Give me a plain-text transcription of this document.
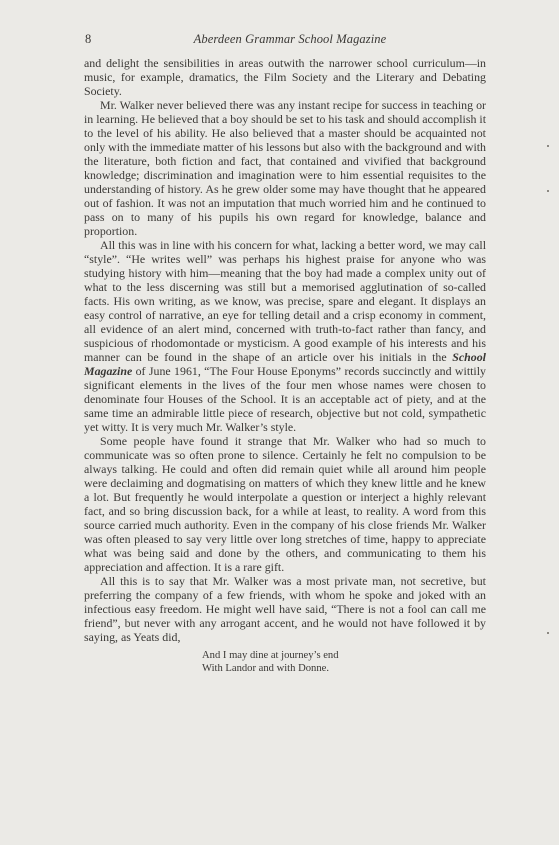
8	Aberdeen Grammar School Magazine

and delight the sensibilities in areas outwith the narrower school curriculum—in music, for example, dramatics, the Film Society and the Literary and Debating Society.

Mr. Walker never believed there was any instant recipe for success in teaching or in learning. He believed that a boy should be set to his task and should accomplish it to the level of his ability. He also believed that a master should be acquainted not only with the immediate matter of his lessons but also with the background and with the literature, both fiction and fact, that contained and vivified that background knowledge; discrimination and imagination were to him essential requisites to the understanding of history. As he grew older some may have thought that he appeared out of fashion. It was not an imputation that much worried him and he continued to pass on to many of his pupils his own regard for knowledge, balance and proportion.

All this was in line with his concern for what, lacking a better word, we may call “style”. “He writes well” was perhaps his highest praise for anyone who was studying history with him—meaning that the boy had made a complex unity out of what to the less discerning was still but a memorised agglutination of so-called facts. His own writing, as we know, was precise, spare and elegant. It displays an easy control of narrative, an eye for telling detail and a crisp economy in comment, all evidence of an alert mind, concerned with truth-to-fact rather than fancy, and suspicious of rhodomontade or mysticism. A good example of his interests and his manner can be found in the shape of an article over his initials in the School Magazine of June 1961, “The Four House Eponyms” records succinctly and wittily significant elements in the lives of the four men whose names were chosen to denominate four Houses of the School. It is an acceptable act of piety, and at the same time an admirable little piece of research, objective but not cold, sympathetic yet witty. It is very much Mr. Walker’s style.

Some people have found it strange that Mr. Walker who had so much to communicate was so often prone to silence. Certainly he felt no compulsion to be always talking. He could and often did remain quiet while all around him people were declaiming and dogmatising on matters of which they knew little and he knew a lot. But frequently he would interpolate a question or interject a highly relevant fact, and so bring discussion back, for a while at least, to reality. A word from this source carried much authority. Even in the company of his close friends Mr. Walker was often pleased to say very little over long stretches of time, happy to appreciate what was being said and done by the others, and communicating to them his appreciation and affection. It is a rare gift.

All this is to say that Mr. Walker was a most private man, not secretive, but preferring the company of a few friends, with whom he spoke and joked with an infectious easy freedom. He might well have said, “There is not a fool can call me friend”, but never with any arrogant accent, and he would not have followed it by saying, as Yeats did,

And I may dine at journey’s end
With Landor and with Donne.
